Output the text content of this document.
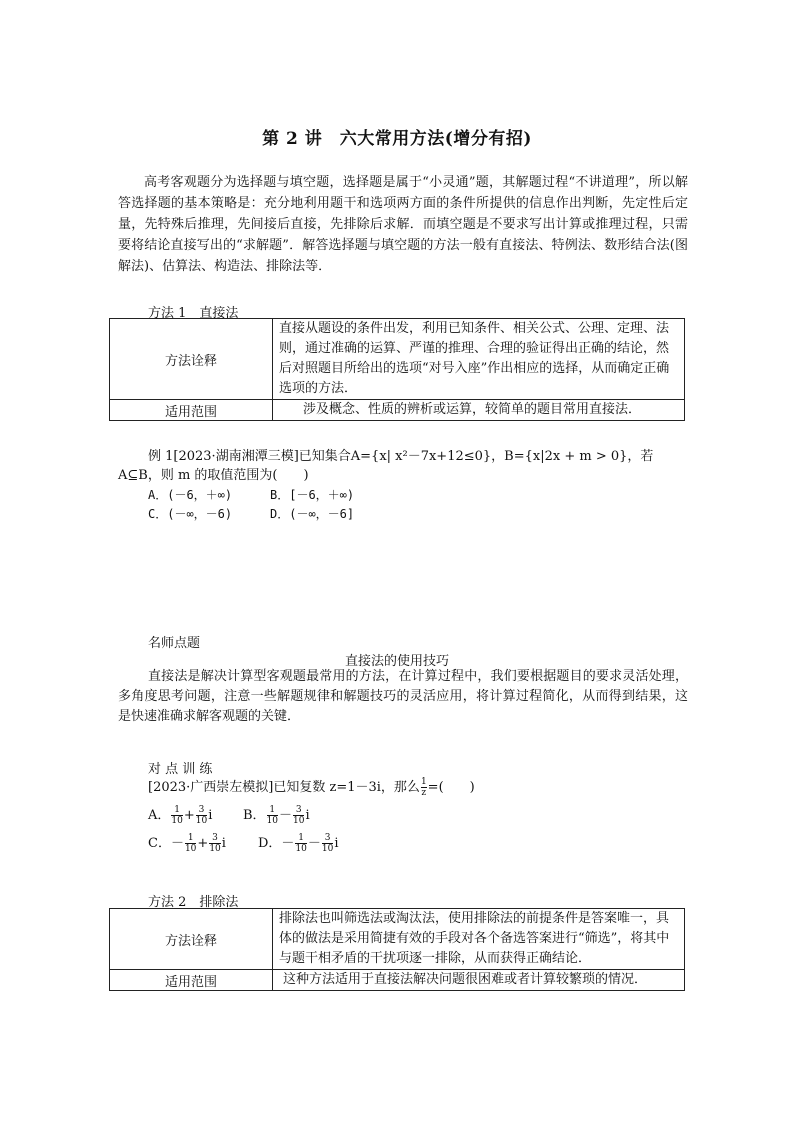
第 2 讲　六大常用方法(增分有招)

高考客观题分为选择题与填空题，选择题是属于“小灵通”题，其解题过程“不讲道理”，所以解答选择题的基本策略是：充分地利用题干和选项两方面的条件所提供的信息作出判断，先定性后定量，先特殊后推理，先间接后直接，先排除后求解．而填空题是不要求写出计算或推理过程，只需要将结论直接写出的“求解题”．解答选择题与填空题的方法一般有直接法、特例法、数形结合法(图解法)、估算法、构造法、排除法等．

方法 1　直接法
方法诠释	直接从题设的条件出发，利用已知条件、相关公式、公理、定理、法则，通过准确的运算、严谨的推理、合理的验证得出正确的结论，然后对照题目所给出的选项“对号入座”作出相应的选择，从而确定正确选项的方法．
适用范围	涉及概念、性质的辨析或运算，较简单的题目常用直接法．
例 1[2023·湖南湘潭三模]已知集合A={x| x²－7x+12≤0}，B={x|2x + m > 0}，若A⊆B，则 m 的取值范围为(　　)
A．(－6，＋∞)	B．[－6，＋∞)
C．(－∞，－6)	D．(－∞，－6]
名师点题
直接法的使用技巧
直接法是解决计算型客观题最常用的方法，在计算过程中，我们要根据题目的要求灵活处理，多角度思考问题，注意一些解题规律和解题技巧的灵活应用，将计算过程简化，从而得到结果，这是快速准确求解客观题的关键．
对 点 训 练
[2023·广西崇左模拟]已知复数 z=1－3i，那么 $\frac{1}{z}$ =(　　)
A． $\frac{1}{10} + \frac{3}{10}$ i B． $\frac{1}{10} - \frac{3}{10}$ i
C．－ $\frac{1}{10} + \frac{3}{10}$ i D．－ $\frac{1}{10} - \frac{3}{10}$ i
方法 2　排除法
方法诠释	排除法也叫筛选法或淘汰法，使用排除法的前提条件是答案唯一，具体的做法是采用简捷有效的手段对各个备选答案进行“筛选”，将其中与题干相矛盾的干扰项逐一排除，从而获得正确结论．
适用范围	这种方法适用于直接法解决问题很困难或者计算较繁琐的情况．
